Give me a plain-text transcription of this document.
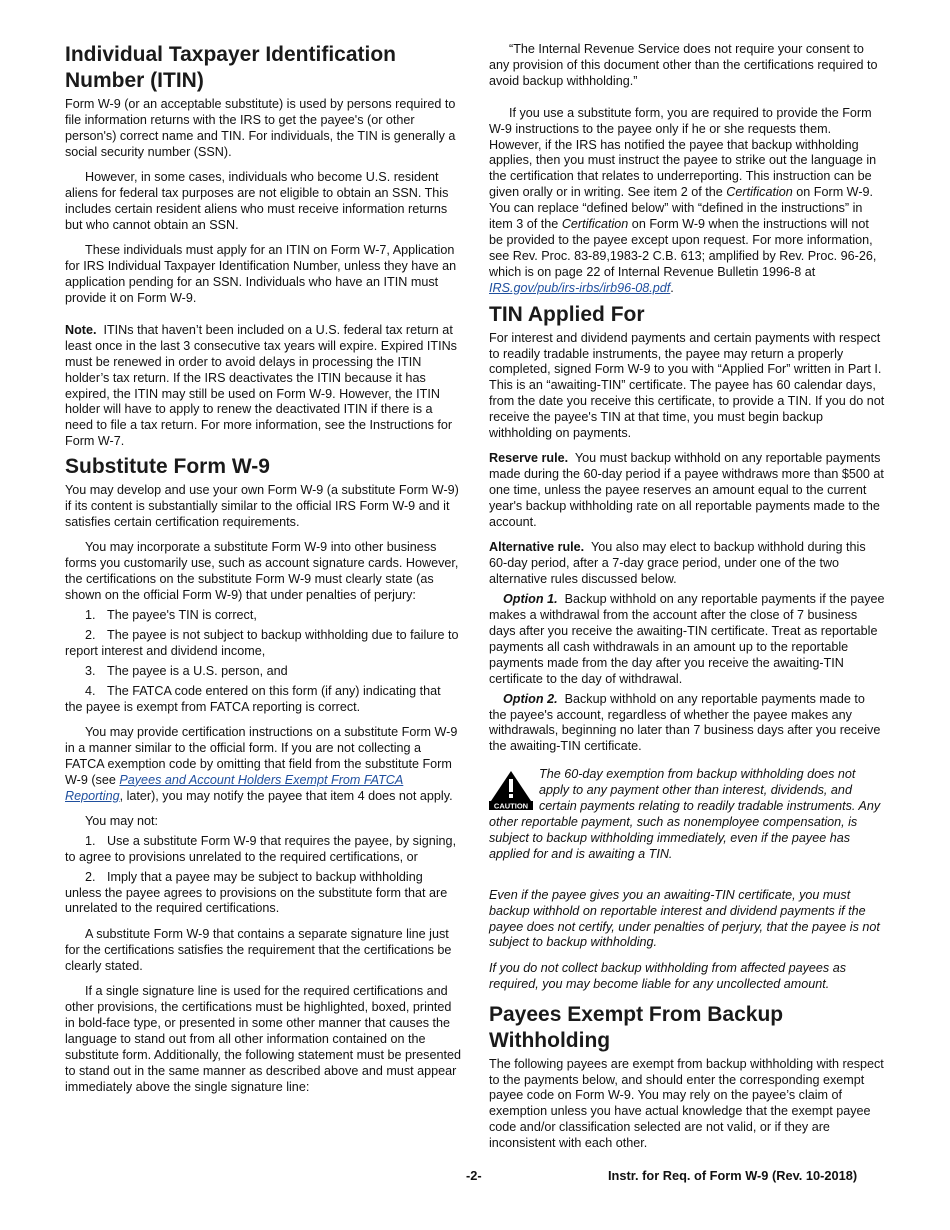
Individual Taxpayer Identification Number (ITIN)

Form W-9 (or an acceptable substitute) is used by persons required to file information returns with the IRS to get the payee's (or other person's) correct name and TIN. For individuals, the TIN is generally a social security number (SSN).

However, in some cases, individuals who become U.S. resident aliens for federal tax purposes are not eligible to obtain an SSN. This includes certain resident aliens who must receive information returns but who cannot obtain an SSN.

These individuals must apply for an ITIN on Form W-7, Application for IRS Individual Taxpayer Identification Number, unless they have an application pending for an SSN. Individuals who have an ITIN must provide it on Form W-9.

Note. ITINs that haven’t been included on a U.S. federal tax return at least once in the last 3 consecutive tax years will expire. Expired ITINs must be renewed in order to avoid delays in processing the ITIN holder’s tax return. If the IRS deactivates the ITIN because it has expired, the ITIN may still be used on Form W-9. However, the ITIN holder will have to apply to renew the deactivated ITIN if there is a need to file a tax return. For more information, see the Instructions for Form W-7.

Substitute Form W-9

You may develop and use your own Form W-9 (a substitute Form W-9) if its content is substantially similar to the official IRS Form W-9 and it satisfies certain certification requirements.

You may incorporate a substitute Form W-9 into other business forms you customarily use, such as account signature cards. However, the certifications on the substitute Form W-9 must clearly state (as shown on the official Form W-9) that under penalties of perjury:

1. The payee's TIN is correct,

2. The payee is not subject to backup withholding due to failure to report interest and dividend income,

3. The payee is a U.S. person, and

4. The FATCA code entered on this form (if any) indicating that the payee is exempt from FATCA reporting is correct.

You may provide certification instructions on a substitute Form W-9 in a manner similar to the official form. If you are not collecting a FATCA exemption code by omitting that field from the substitute Form W-9 (see Payees and Account Holders Exempt From FATCA Reporting, later), you may notify the payee that item 4 does not apply.

You may not:

1. Use a substitute Form W-9 that requires the payee, by signing, to agree to provisions unrelated to the required certifications, or

2. Imply that a payee may be subject to backup withholding unless the payee agrees to provisions on the substitute form that are unrelated to the required certifications.

A substitute Form W-9 that contains a separate signature line just for the certifications satisfies the requirement that the certifications be clearly stated.

If a single signature line is used for the required certifications and other provisions, the certifications must be highlighted, boxed, printed in bold-face type, or presented in some other manner that causes the language to stand out from all other information contained on the substitute form. Additionally, the following statement must be presented to stand out in the same manner as described above and must appear immediately above the single signature line:

“The Internal Revenue Service does not require your consent to any provision of this document other than the certifications required to avoid backup withholding.”

If you use a substitute form, you are required to provide the Form W-9 instructions to the payee only if he or she requests them. However, if the IRS has notified the payee that backup withholding applies, then you must instruct the payee to strike out the language in the certification that relates to underreporting. This instruction can be given orally or in writing. See item 2 of the Certification on Form W-9. You can replace “defined below” with “defined in the instructions” in item 3 of the Certification on Form W-9 when the instructions will not be provided to the payee except upon request. For more information, see Rev. Proc. 83-89,1983-2 C.B. 613; amplified by Rev. Proc. 96-26, which is on page 22 of Internal Revenue Bulletin 1996-8 at IRS.gov/pub/irs-irbs/irb96-08.pdf.

TIN Applied For

For interest and dividend payments and certain payments with respect to readily tradable instruments, the payee may return a properly completed, signed Form W-9 to you with “Applied For” written in Part I. This is an “awaiting-TIN” certificate. The payee has 60 calendar days, from the date you receive this certificate, to provide a TIN. If you do not receive the payee's TIN at that time, you must begin backup withholding on payments.

Reserve rule. You must backup withhold on any reportable payments made during the 60-day period if a payee withdraws more than $500 at one time, unless the payee reserves an amount equal to the current year's backup withholding rate on all reportable payments made to the account.

Alternative rule. You also may elect to backup withhold during this 60-day period, after a 7-day grace period, under one of the two alternative rules discussed below.

Option 1. Backup withhold on any reportable payments if the payee makes a withdrawal from the account after the close of 7 business days after you receive the awaiting-TIN certificate. Treat as reportable payments all cash withdrawals in an amount up to the reportable payments made from the day after you receive the awaiting-TIN certificate to the day of withdrawal.

Option 2. Backup withhold on any reportable payments made to the payee's account, regardless of whether the payee makes any withdrawals, beginning no later than 7 business days after you receive the awaiting-TIN certificate.

CAUTION

The 60-day exemption from backup withholding does not apply to any payment other than interest, dividends, and certain payments relating to readily tradable instruments. Any other reportable payment, such as nonemployee compensation, is subject to backup withholding immediately, even if the payee has applied for and is awaiting a TIN.

Even if the payee gives you an awaiting-TIN certificate, you must backup withhold on reportable interest and dividend payments if the payee does not certify, under penalties of perjury, that the payee is not subject to backup withholding.

If you do not collect backup withholding from affected payees as required, you may become liable for any uncollected amount.

Payees Exempt From Backup Withholding

The following payees are exempt from backup withholding with respect to the payments below, and should enter the corresponding exempt payee code on Form W-9. You may rely on the payee’s claim of exemption unless you have actual knowledge that the exempt payee code and/or classification selected are not valid, or if they are inconsistent with each other.

-2-	Instr. for Req. of Form W-9 (Rev. 10-2018)
